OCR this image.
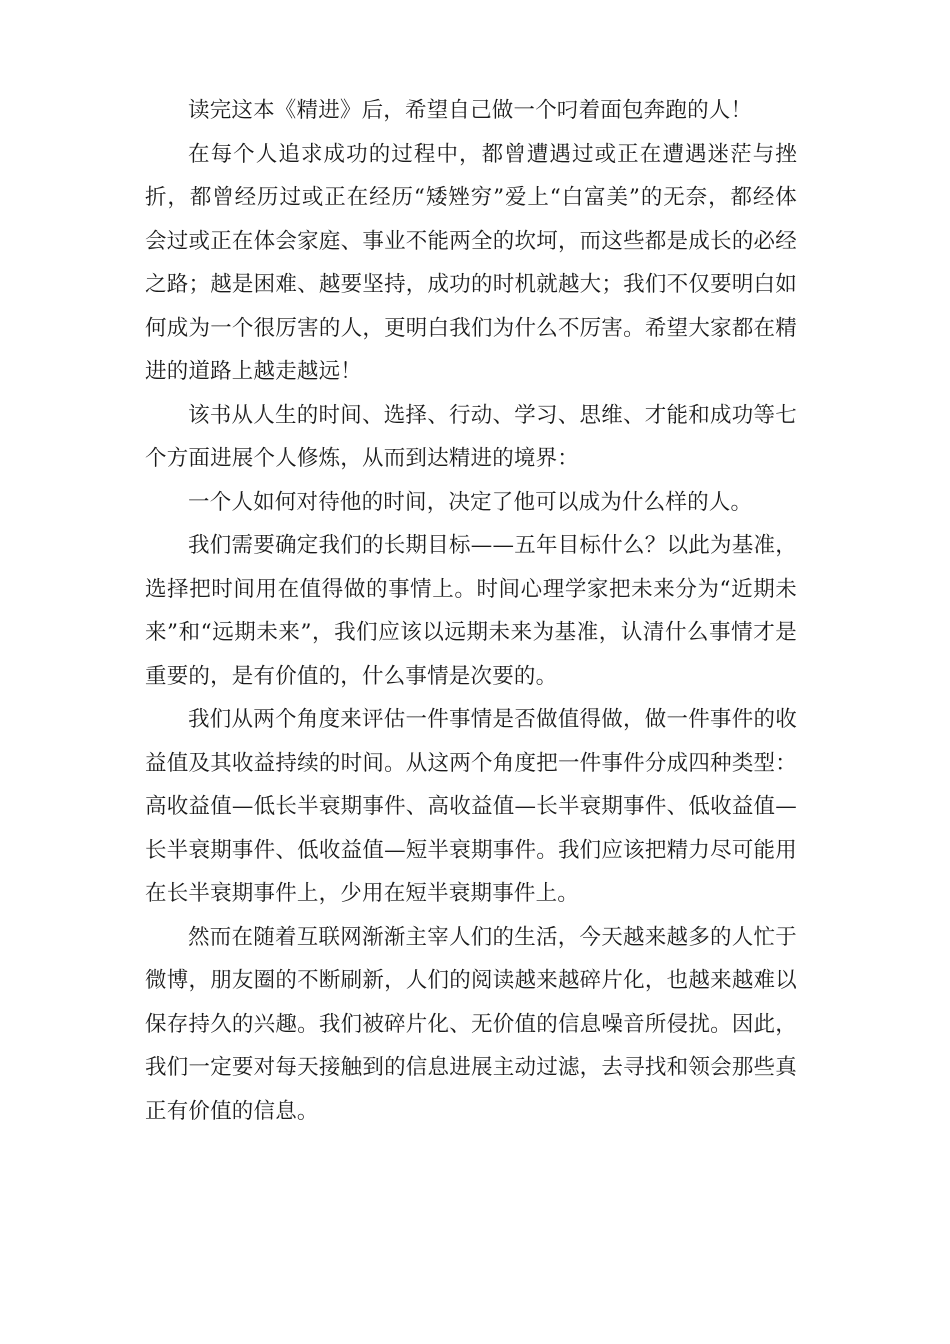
读完这本《精进》后，希望自己做一个叼着面包奔跑的人！

在每个人追求成功的过程中，都曾遭遇过或正在遭遇迷茫与挫折，都曾经历过或正在经历“矮矬穷”爱上“白富美”的无奈，都经体会过或正在体会家庭、事业不能两全的坎坷，而这些都是成长的必经之路；越是困难、越要坚持，成功的时机就越大；我们不仅要明白如何成为一个很厉害的人，更明白我们为什么不厉害。希望大家都在精进的道路上越走越远！

该书从人生的时间、选择、行动、学习、思维、才能和成功等七个方面进展个人修炼，从而到达精进的境界：

一个人如何对待他的时间，决定了他可以成为什么样的人。

我们需要确定我们的长期目标——五年目标什么？以此为基准，选择把时间用在值得做的事情上。时间心理学家把未来分为“近期未来”和“远期未来”，我们应该以远期未来为基准，认清什么事情才是重要的，是有价值的，什么事情是次要的。

我们从两个角度来评估一件事情是否做值得做，做一件事件的收益值及其收益持续的时间。从这两个角度把一件事件分成四种类型：高收益值—低长半衰期事件、高收益值—长半衰期事件、低收益值—长半衰期事件、低收益值—短半衰期事件。我们应该把精力尽可能用在长半衰期事件上，少用在短半衰期事件上。

然而在随着互联网渐渐主宰人们的生活，今天越来越多的人忙于微博，朋友圈的不断刷新，人们的阅读越来越碎片化，也越来越难以保存持久的兴趣。我们被碎片化、无价值的信息噪音所侵扰。因此，我们一定要对每天接触到的信息进展主动过滤，去寻找和领会那些真正有价值的信息。
